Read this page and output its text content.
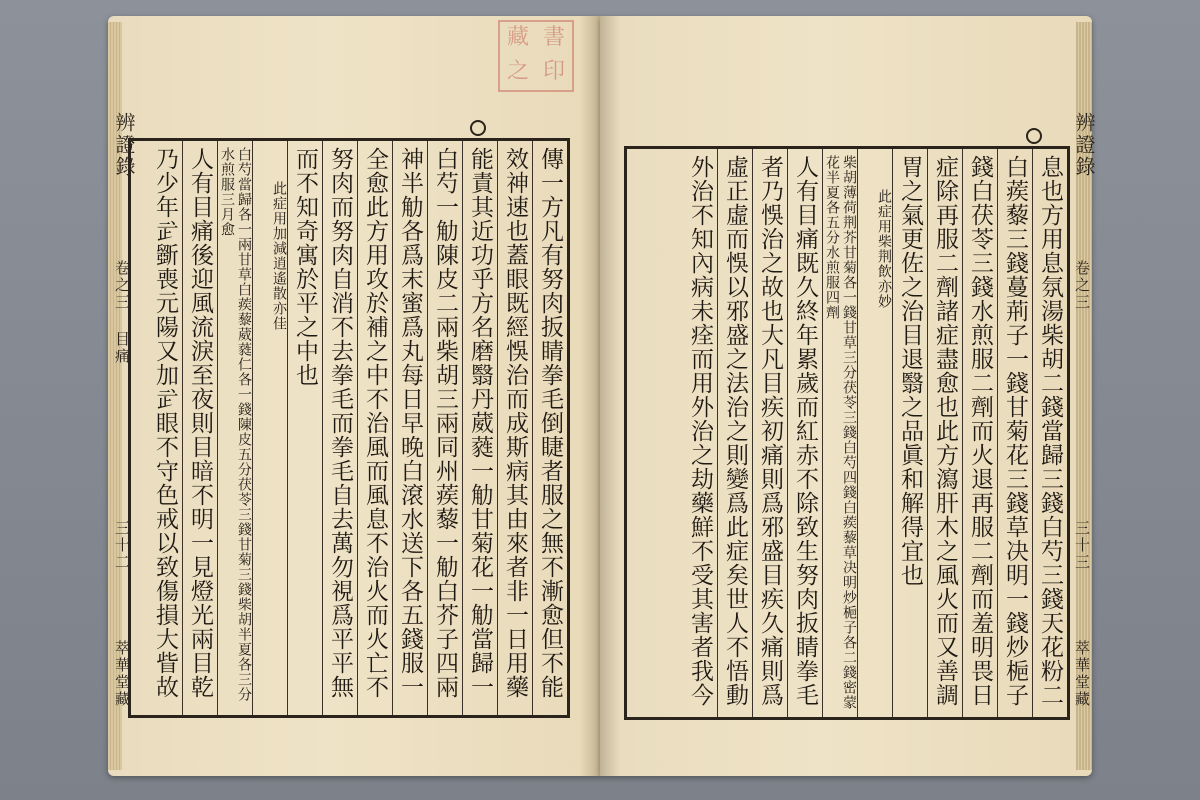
藏 書
之 印
辨證錄
卷之三 目痛
三十二
萃華堂藏
辨證錄
卷之三
三十三
萃華堂藏
傳一方凡有努肉扳睛拳毛倒睫者服之無不漸愈但不能
效神速也蓋眼既經悞治而成斯病其由來者非一日用藥
能責其近功乎方名磨翳丹葳蕤一觔甘菊花一觔當歸一
白芍一觔陳皮二兩柴胡三兩同州蒺藜一觔白芥子四兩
神半觔各爲末蜜爲丸每日早晚白滾水送下各五錢服一
全愈此方用攻於補之中不治風而風息不治火而火亡不
努肉而努肉自消不去拳毛而拳毛自去萬勿視爲平平無
而不知奇寓於平之中也
此症用加減逍遙散亦佳
白芍當歸各一兩甘草白蒺藜葳蕤仁各一錢陳皮五分茯苓三錢甘菊三錢柴胡半夏各三分水煎服三月愈
人有目痛後迎風流淚至夜則目暗不明一見燈光兩目乾
乃少年㱐斵喪元陽又加㱐眼不守色戒以致傷損大眥故
息也方用息氛湯柴胡二錢當歸三錢白芍三錢天花粉二
白蒺藜三錢蔓荊子一錢甘菊花三錢草决明一錢炒梔子
錢白茯苓三錢水煎服二劑而火退再服二劑而羞明畏日
症除再服二劑諸症盡愈也此方瀉肝木之風火而又善調
胃之氣更佐之治目退翳之品眞和解得宜也
此症用柴荆飲亦妙
柴胡薄荷荆芥甘菊各一錢甘草三分茯苓三錢白芍四錢白蒺藜草决明炒梔子各二錢密蒙花半夏各五分水煎服四劑
人有目痛既久終年累歲而紅赤不除致生努肉扳睛拳毛
者乃悞治之故也大凡目疾初痛則爲邪盛目疾久痛則爲
虛正虛而悞以邪盛之法治之則變爲此症矣世人不悟動
外治不知內病未痊而用外治之劫藥鮮不受其害者我今
